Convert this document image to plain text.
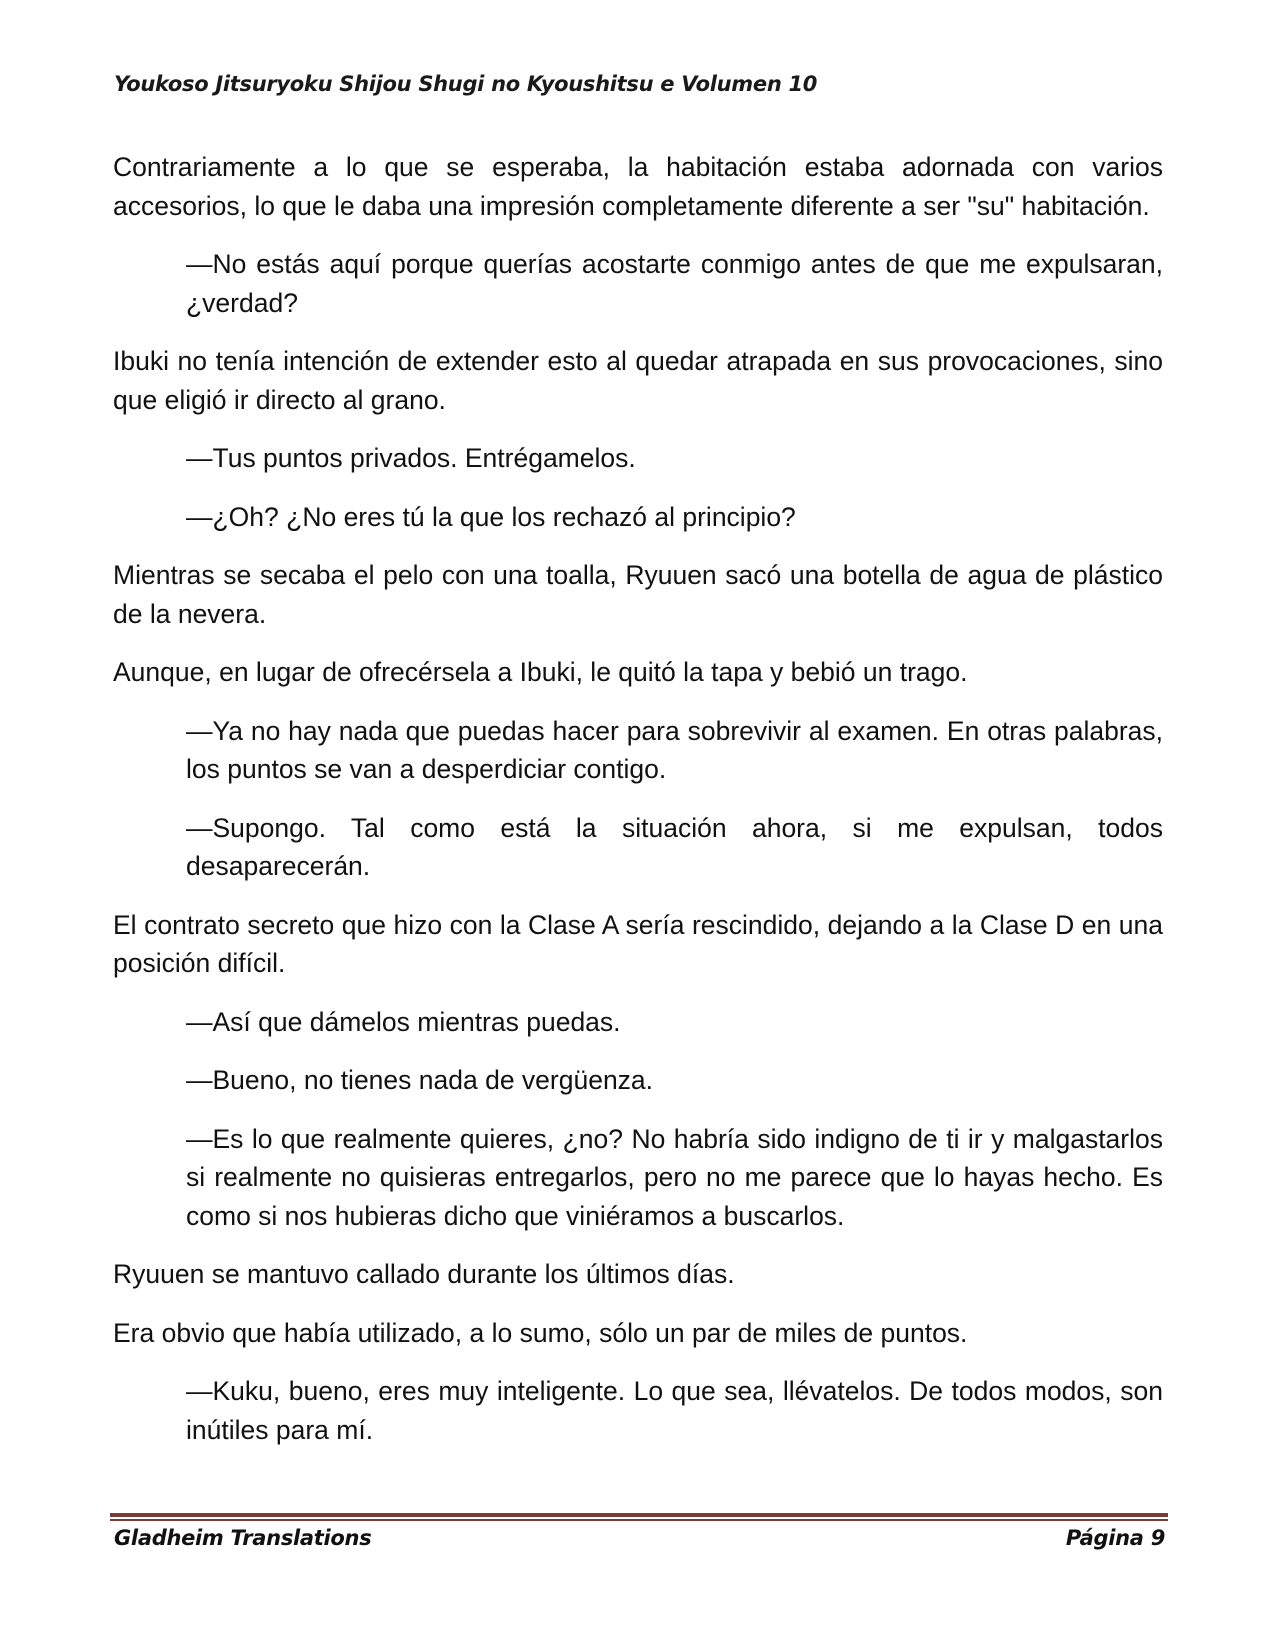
Youkoso Jitsuryoku Shijou Shugi no Kyoushitsu e Volumen 10

Contrariamente a lo que se esperaba, la habitación estaba adornada con varios accesorios, lo que le daba una impresión completamente diferente a ser "su" habitación.

—No estás aquí porque querías acostarte conmigo antes de que me expulsaran, ¿verdad?

Ibuki no tenía intención de extender esto al quedar atrapada en sus provocaciones, sino que eligió ir directo al grano.

—Tus puntos privados. Entrégamelos.

—¿Oh? ¿No eres tú la que los rechazó al principio?

Mientras se secaba el pelo con una toalla, Ryuuen sacó una botella de agua de plástico de la nevera.

Aunque, en lugar de ofrecérsela a Ibuki, le quitó la tapa y bebió un trago.

—Ya no hay nada que puedas hacer para sobrevivir al examen. En otras palabras, los puntos se van a desperdiciar contigo.

—Supongo. Tal como está la situación ahora, si me expulsan, todos desaparecerán.

El contrato secreto que hizo con la Clase A sería rescindido, dejando a la Clase D en una posición difícil.

—Así que dámelos mientras puedas.

—Bueno, no tienes nada de vergüenza.

—Es lo que realmente quieres, ¿no? No habría sido indigno de ti ir y malgastarlos si realmente no quisieras entregarlos, pero no me parece que lo hayas hecho. Es como si nos hubieras dicho que viniéramos a buscarlos.

Ryuuen se mantuvo callado durante los últimos días.

Era obvio que había utilizado, a lo sumo, sólo un par de miles de puntos.

—Kuku, bueno, eres muy inteligente. Lo que sea, llévatelos. De todos modos, son inútiles para mí.

Gladheim Translations	Página 9
